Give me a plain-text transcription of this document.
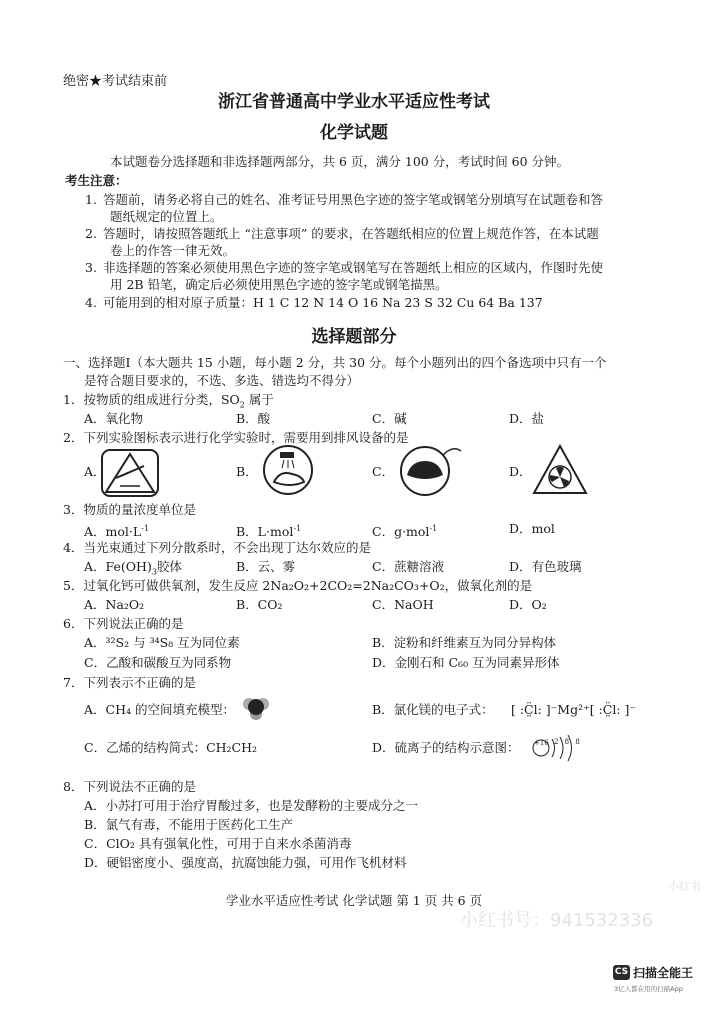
绝密★考试结束前
浙江省普通高中学业水平适应性考试
化学试题
本试题卷分选择题和非选择题两部分，共 6 页，满分 100 分，考试时间 60 分钟。
考生注意：
1. 答题前，请务必将自己的姓名、准考证号用黑色字迹的签字笔或钢笔分别填写在试题卷和答
题纸规定的位置上。
2. 答题时，请按照答题纸上 “注意事项” 的要求，在答题纸相应的位置上规范作答，在本试题
卷上的作答一律无效。
3. 非选择题的答案必须使用黑色字迹的签字笔或钢笔写在答题纸上相应的区域内，作图时先使
用 2B 铅笔，确定后必须使用黑色字迹的签字笔或钢笔描黑。
4. 可能用到的相对原子质量：H 1 C 12 N 14 O 16 Na 23 S 32 Cu 64 Ba 137
选择题部分
一、选择题Ⅰ（本大题共 15 小题，每小题 2 分，共 30 分。每个小题列出的四个备选项中只有一个
是符合题目要求的，不选、多选、错选均不得分）
1．按物质的组成进行分类，$SO_2$ 属于
A．氧化物	B．酸	C．碱	D．盐
2．下列实验图标表示进行化学实验时，需要用到排风设备的是
A．	B．	C．	D．
3．物质的量浓度单位是
A．$mol\cdot L^{-1}$	B．L·mol$^{-1}$	C．g·mol$^{-1}$	D．mol
4．当光束通过下列分散系时，不会出现丁达尔效应的是
A．$Fe(OH)_3$胶体	B．云、雾	C．蔗糖溶液	D．有色玻璃
5．过氧化钙可做供氧剂，发生反应 2Na₂O₂+2CO₂=2Na₂CO₃+O₂，做氧化剂的是
A．Na₂O₂	B．CO₂	C．NaOH	D．O₂
6．下列说法正确的是
A．³²S₂ 与 ³⁴S₈ 互为同位素	B．淀粉和纤维素互为同分异构体
C．乙酸和碳酸互为同系物	D．金刚石和 C₆₀ 互为同素异形体
7．下列表示不正确的是
A．CH₄ 的空间填充模型：	B．氯化镁的电子式： [ :C̤̈l: ]⁻Mg²⁺[ :C̤̈l: ]⁻
C．乙烯的结构简式：CH₂CH₂	D．硫离子的结构示意图： +16 2 8 8
8．下列说法不正确的是
A．小苏打可用于治疗胃酸过多，也是发酵粉的主要成分之一
B．氯气有毒，不能用于医药化工生产
C．ClO₂ 具有强氧化性，可用于自来水杀菌消毒
D．硬铝密度小、强度高，抗腐蚀能力强，可用作飞机材料
学业水平适应性考试 化学试题 第 1 页 共 6 页
小红书
小红书号：941532336
CS 扫描全能王
3亿人都在用的扫描App
